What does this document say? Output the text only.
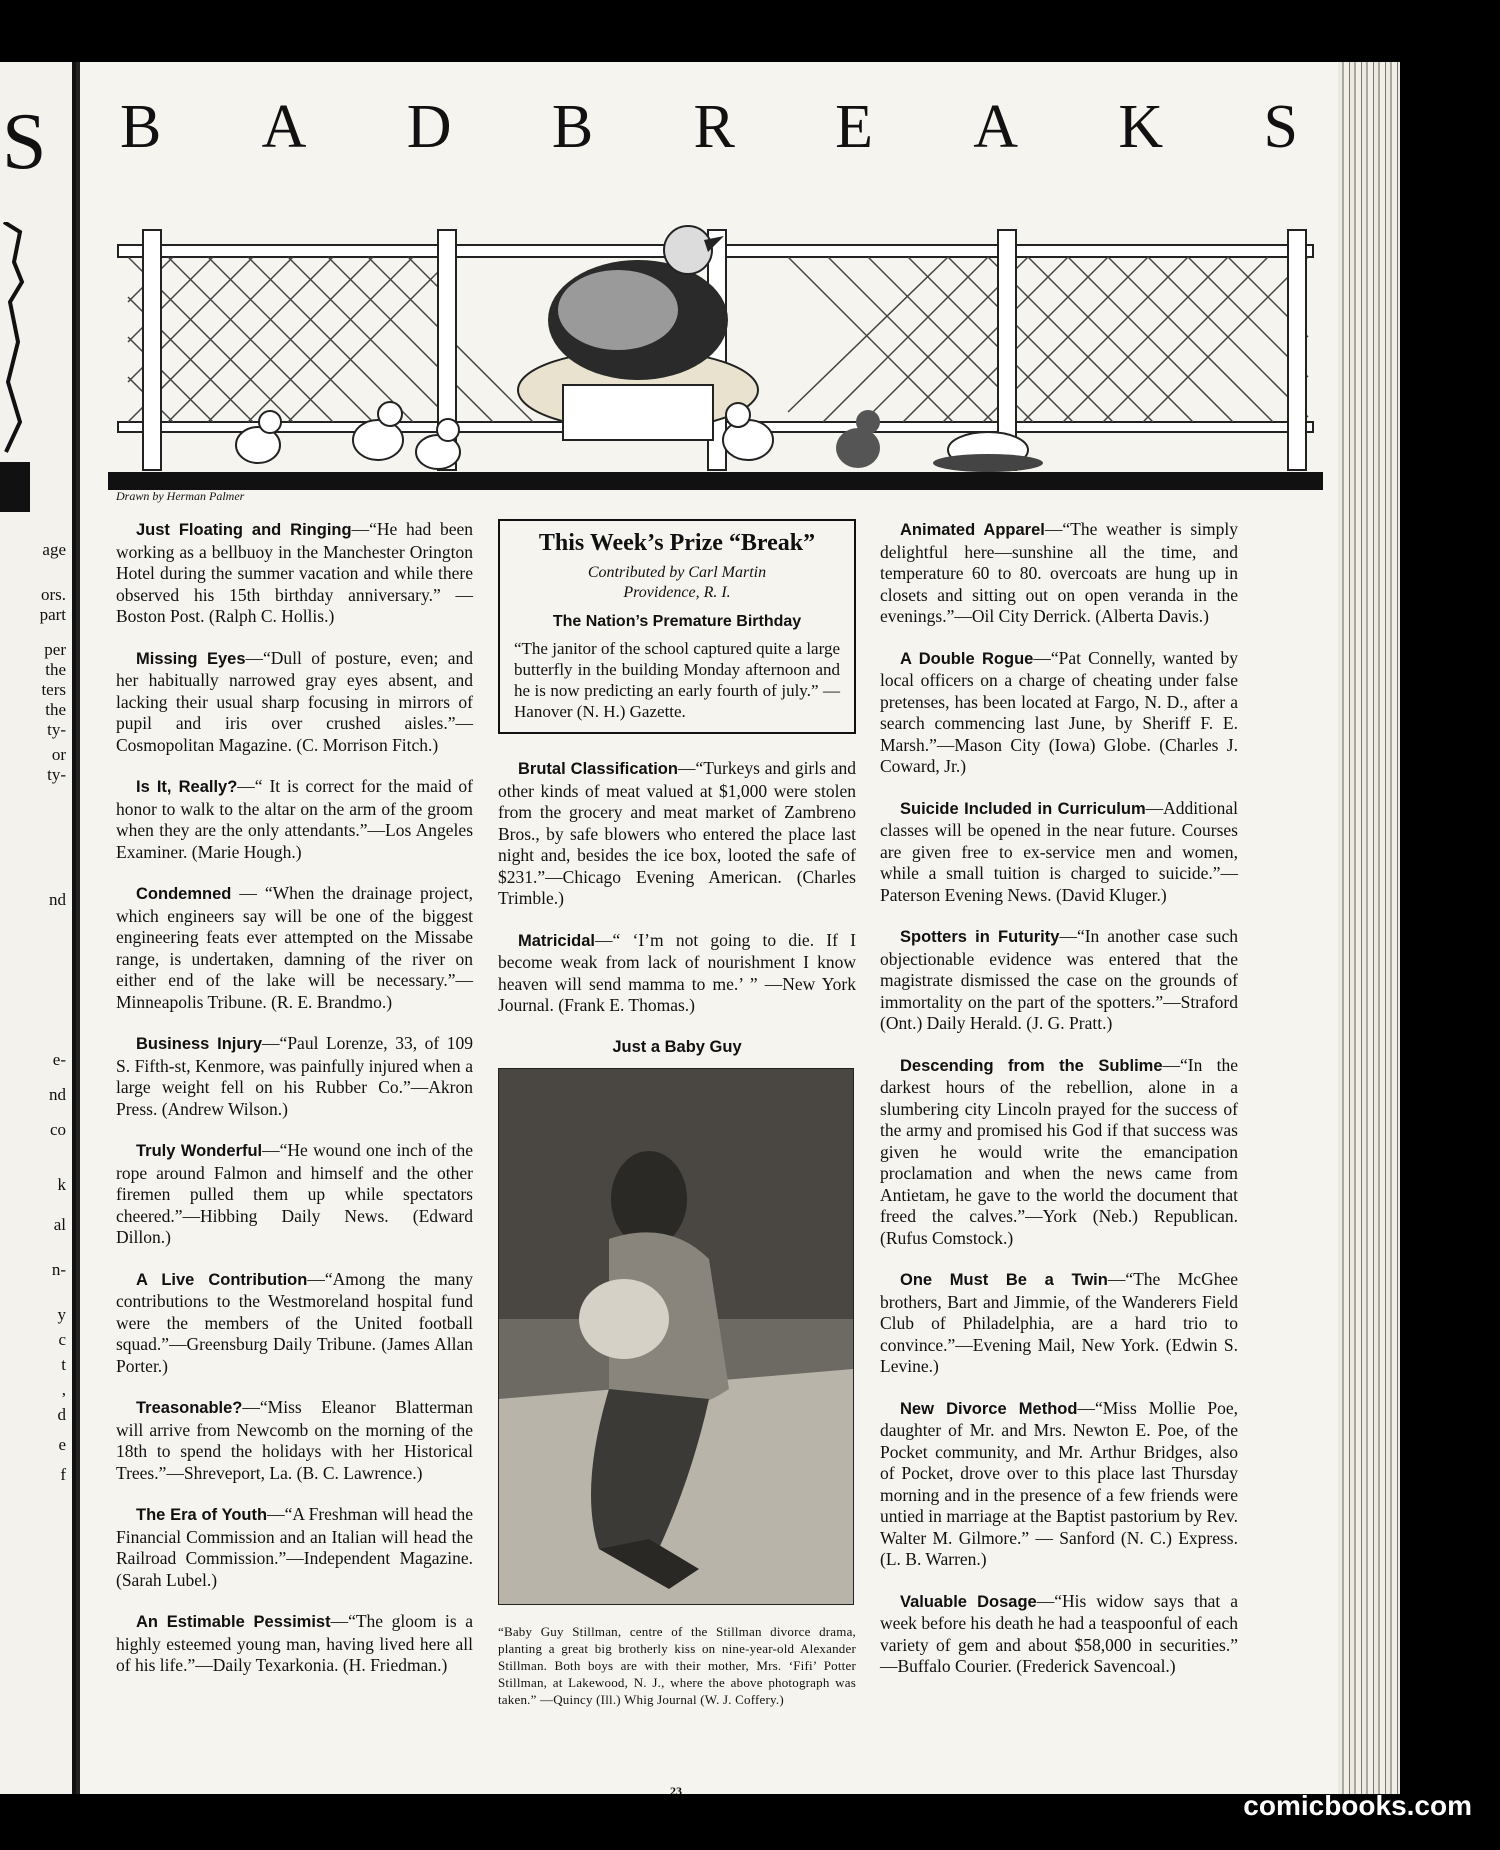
S
age
ors.
part
per
the
ters
the
ty-
or
ty-
nd
e-
nd
co
k
al
n-
y
c
t
,
d
e
f
B A D B R E A K S
Drawn by Herman Palmer

Just Floating and Ringing—“He had been working as a bellbuoy in the Manchester Orington Hotel during the summer vacation and while there observed his 15th birthday anniversary.” — Boston Post. (Ralph C. Hollis.)

Missing Eyes—“Dull of posture, even; and her habitually narrowed gray eyes absent, and lacking their usual sharp focusing in mirrors of pupil and iris over crushed aisles.”—Cosmopolitan Magazine. (C. Morrison Fitch.)

Is It, Really?—“ It is correct for the maid of honor to walk to the altar on the arm of the groom when they are the only attendants.”—Los Angeles Examiner. (Marie Hough.)

Condemned — “When the drainage project, which engineers say will be one of the biggest engineering feats ever attempted on the Missabe range, is undertaken, damning of the river on either end of the lake will be necessary.”—Minneapolis Tribune. (R. E. Brandmo.)

Business Injury—“Paul Lorenze, 33, of 109 S. Fifth-st, Kenmore, was painfully injured when a large weight fell on his Rubber Co.”—Akron Press. (Andrew Wilson.)

Truly Wonderful—“He wound one inch of the rope around Falmon and himself and the other firemen pulled them up while spectators cheered.”—Hibbing Daily News. (Edward Dillon.)

A Live Contribution—“Among the many contributions to the Westmoreland hospital fund were the members of the United football squad.”—Greensburg Daily Tribune. (James Allan Porter.)

Treasonable?—“Miss Eleanor Blatterman will arrive from Newcomb on the morning of the 18th to spend the holidays with her Historical Trees.”—Shreveport, La. (B. C. Lawrence.)

The Era of Youth—“A Freshman will head the Financial Commission and an Italian will head the Railroad Commission.”—Independent Magazine. (Sarah Lubel.)

An Estimable Pessimist—“The gloom is a highly esteemed young man, having lived here all of his life.”—Daily Texarkonia. (H. Friedman.)

This Week’s Prize “Break”
Contributed by Carl Martin
Providence, R. I.
The Nation’s Premature Birthday
“The janitor of the school captured quite a large butterfly in the building Monday afternoon and he is now predicting an early fourth of july.” —Hanover (N. H.) Gazette.

Brutal Classification—“Turkeys and girls and other kinds of meat valued at $1,000 were stolen from the grocery and meat market of Zambreno Bros., by safe blowers who entered the place last night and, besides the ice box, looted the safe of $231.”—Chicago Evening American. (Charles Trimble.)

Matricidal—“ ‘I’m not going to die. If I become weak from lack of nourishment I know heaven will send mamma to me.’ ” —New York Journal. (Frank E. Thomas.)

Just a Baby Guy
“Baby Guy Stillman, centre of the Stillman divorce drama, planting a great big brotherly kiss on nine-year-old Alexander Stillman. Both boys are with their mother, Mrs. ‘Fifi’ Potter Stillman, at Lakewood, N. J., where the above photograph was taken.” —Quincy (Ill.) Whig Journal (W. J. Coffery.)

Animated Apparel—“The weather is simply delightful here—sunshine all the time, and temperature 60 to 80. overcoats are hung up in closets and sitting out on open veranda in the evenings.”—Oil City Derrick. (Alberta Davis.)

A Double Rogue—“Pat Connelly, wanted by local officers on a charge of cheating under false pretenses, has been located at Fargo, N. D., after a search commencing last June, by Sheriff F. E. Marsh.”—Mason City (Iowa) Globe. (Charles J. Coward, Jr.)

Suicide Included in Curriculum—Additional classes will be opened in the near future. Courses are given free to ex-service men and women, while a small tuition is charged to suicide.”—Paterson Evening News. (David Kluger.)

Spotters in Futurity—“In another case such objectionable evidence was entered that the magistrate dismissed the case on the grounds of immortality on the part of the spotters.”—Straford (Ont.) Daily Herald. (J. G. Pratt.)

Descending from the Sublime—“In the darkest hours of the rebellion, alone in a slumbering city Lincoln prayed for the success of the army and promised his God if that success was given he would write the emancipation proclamation and when the news came from Antietam, he gave to the world the document that freed the calves.”—York (Neb.) Republican. (Rufus Comstock.)

One Must Be a Twin—“The McGhee brothers, Bart and Jimmie, of the Wanderers Field Club of Philadelphia, are a hard trio to convince.”—Evening Mail, New York. (Edwin S. Levine.)

New Divorce Method—“Miss Mollie Poe, daughter of Mr. and Mrs. Newton E. Poe, of the Pocket community, and Mr. Arthur Bridges, also of Pocket, drove over to this place last Thursday morning and in the presence of a few friends were untied in marriage at the Baptist pastorium by Rev. Walter M. Gilmore.” — Sanford (N. C.) Express. (L. B. Warren.)

Valuable Dosage—“His widow says that a week before his death he had a teaspoonful of each variety of gem and about $58,000 in securities.” —Buffalo Courier. (Frederick Savencoal.)

23	comicbooks.com
